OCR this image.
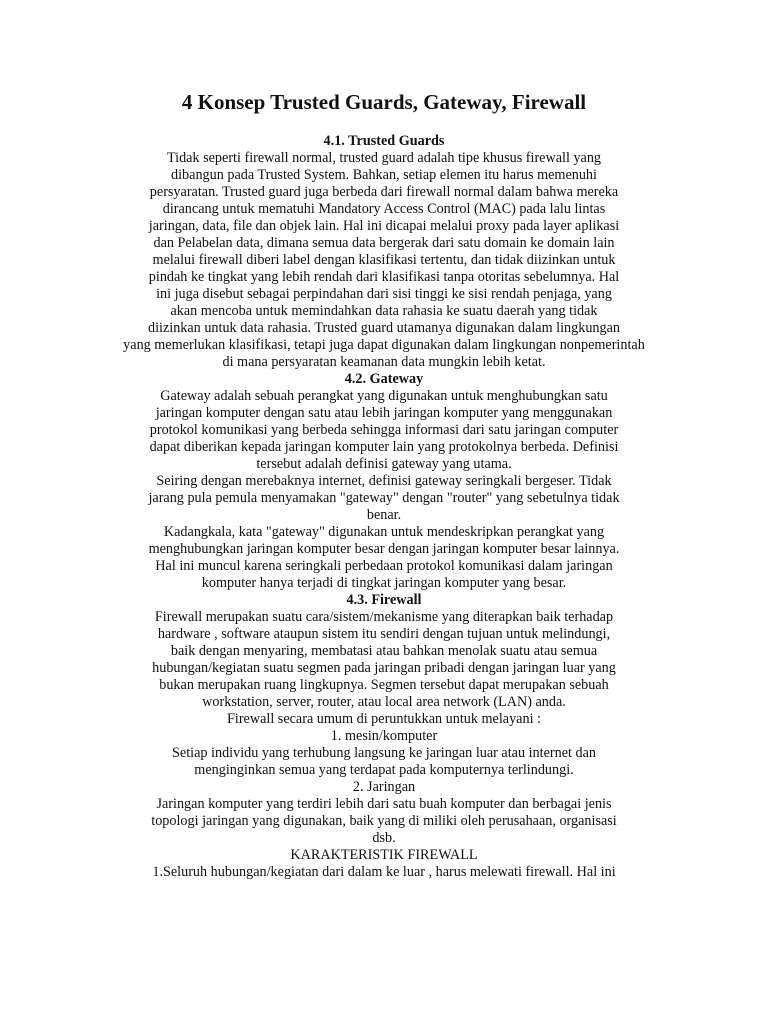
4 Konsep Trusted Guards, Gateway, Firewall
4.1. Trusted Guards
Tidak seperti firewall normal, trusted guard adalah tipe khusus firewall yang
dibangun pada Trusted System. Bahkan, setiap elemen itu harus memenuhi
persyaratan. Trusted guard juga berbeda dari firewall normal dalam bahwa mereka
dirancang untuk mematuhi Mandatory Access Control (MAC) pada lalu lintas
jaringan, data, file dan objek lain. Hal ini dicapai melalui proxy pada layer aplikasi
dan Pelabelan data, dimana semua data bergerak dari satu domain ke domain lain
melalui firewall diberi label dengan klasifikasi tertentu, dan tidak diizinkan untuk
pindah ke tingkat yang lebih rendah dari klasifikasi tanpa otoritas sebelumnya. Hal
ini juga disebut sebagai perpindahan dari sisi tinggi ke sisi rendah penjaga, yang
akan mencoba untuk memindahkan data rahasia ke suatu daerah yang tidak
diizinkan untuk data rahasia. Trusted guard utamanya digunakan dalam lingkungan
yang memerlukan klasifikasi, tetapi juga dapat digunakan dalam lingkungan nonpemerintah
di mana persyaratan keamanan data mungkin lebih ketat.
4.2. Gateway
Gateway adalah sebuah perangkat yang digunakan untuk menghubungkan satu
jaringan komputer dengan satu atau lebih jaringan komputer yang menggunakan
protokol komunikasi yang berbeda sehingga informasi dari satu jaringan computer
dapat diberikan kepada jaringan komputer lain yang protokolnya berbeda. Definisi
tersebut adalah definisi gateway yang utama.
Seiring dengan merebaknya internet, definisi gateway seringkali bergeser. Tidak
jarang pula pemula menyamakan "gateway" dengan "router" yang sebetulnya tidak
benar.
Kadangkala, kata "gateway" digunakan untuk mendeskripkan perangkat yang
menghubungkan jaringan komputer besar dengan jaringan komputer besar lainnya.
Hal ini muncul karena seringkali perbedaan protokol komunikasi dalam jaringan
komputer hanya terjadi di tingkat jaringan komputer yang besar.
4.3. Firewall
Firewall merupakan suatu cara/sistem/mekanisme yang diterapkan baik terhadap
hardware , software ataupun sistem itu sendiri dengan tujuan untuk melindungi,
baik dengan menyaring, membatasi atau bahkan menolak suatu atau semua
hubungan/kegiatan suatu segmen pada jaringan pribadi dengan jaringan luar yang
bukan merupakan ruang lingkupnya. Segmen tersebut dapat merupakan sebuah
workstation, server, router, atau local area network (LAN) anda.
Firewall secara umum di peruntukkan untuk melayani :
1. mesin/komputer
Setiap individu yang terhubung langsung ke jaringan luar atau internet dan
menginginkan semua yang terdapat pada komputernya terlindungi.
2. Jaringan
Jaringan komputer yang terdiri lebih dari satu buah komputer dan berbagai jenis
topologi jaringan yang digunakan, baik yang di miliki oleh perusahaan, organisasi
dsb.
KARAKTERISTIK FIREWALL
1.Seluruh hubungan/kegiatan dari dalam ke luar , harus melewati firewall. Hal ini
